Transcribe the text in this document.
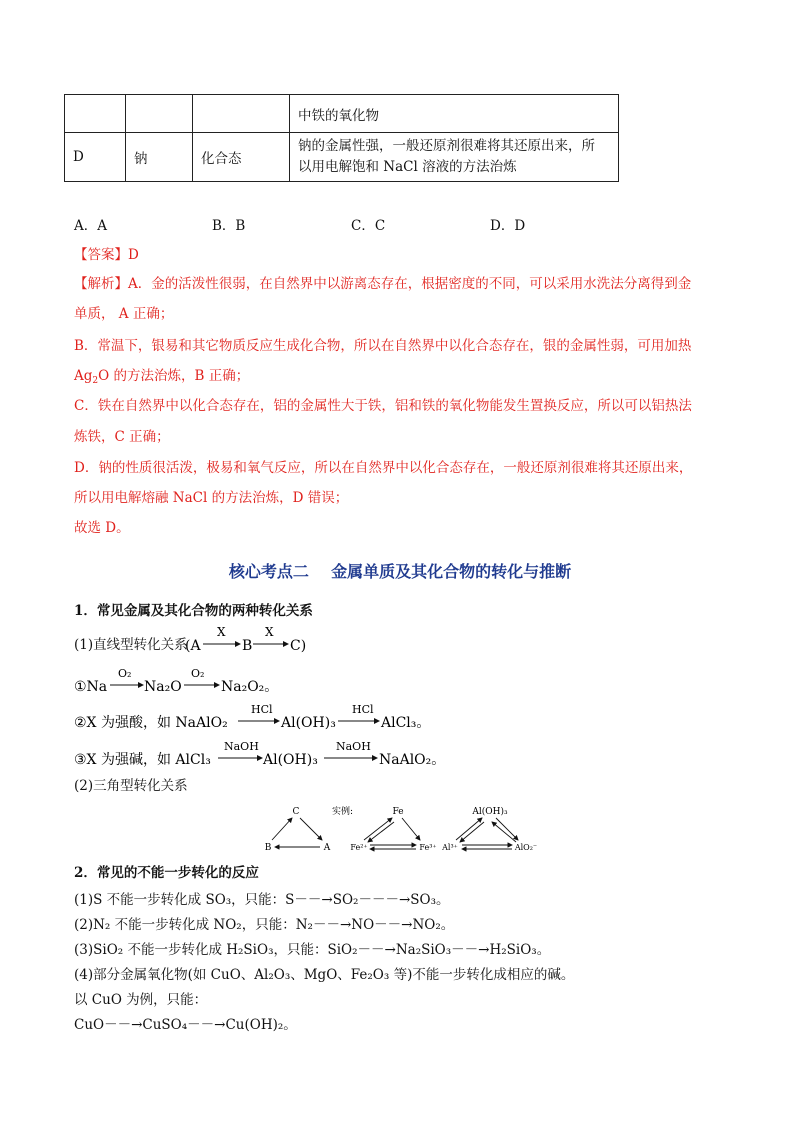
			中铁的氧化物
D	钠	化合态	钠的金属性强，一般还原剂很难将其还原出来，所
以用电解饱和 NaCl 溶液的方法治炼
A．A	B．B	C．C	D．D
【答案】D
【解析】A．金的活泼性很弱，在自然界中以游离态存在，根据密度的不同，可以采用水洗法分离得到金
单质， A 正确；
B．常温下，银易和其它物质反应生成化合物，所以在自然界中以化合态存在，银的金属性弱，可用加热
$Ag_2O$ 的方法治炼，B 正确；
C．铁在自然界中以化合态存在，铝的金属性大于铁，铝和铁的氧化物能发生置换反应，所以可以铝热法
炼铁，C 正确；
D．钠的性质很活泼，极易和氧气反应，所以在自然界中以化合态存在，一般还原剂很难将其还原出来，
所以用电解熔融 NaCl 的方法治炼，D 错误；
故选 D。
核心考点二    金属单质及其化合物的转化与推断
1．常见金属及其化合物的两种转化关系
(1)直线型转化关系
(A
X
B
X
C)
①Na
O₂
Na₂O
O₂
Na₂O₂。
②X 为强酸，如 NaAlO₂
HCl
Al(OH)₃
HCl
AlCl₃。
③X 为强碱，如 AlCl₃
NaOH
Al(OH)₃
NaOH
NaAlO₂。
(2)三角型转化关系
C
B	A
实例:	Fe
Fe²⁺	Fe³⁺
Al(OH)₃
Al³⁺	AlO₂⁻
2．常见的不能一步转化的反应
(1)S 不能一步转化成 SO₃，只能：S－－→SO₂－－－→SO₃。
(2)N₂ 不能一步转化成 NO₂，只能：N₂－－→NO－－→NO₂。
(3)SiO₂ 不能一步转化成 H₂SiO₃，只能：SiO₂－－→Na₂SiO₃－－→H₂SiO₃。
(4)部分金属氧化物(如 CuO、Al₂O₃、MgO、Fe₂O₃ 等)不能一步转化成相应的碱。
以 CuO 为例，只能：
CuO－－→CuSO₄－－→Cu(OH)₂。
